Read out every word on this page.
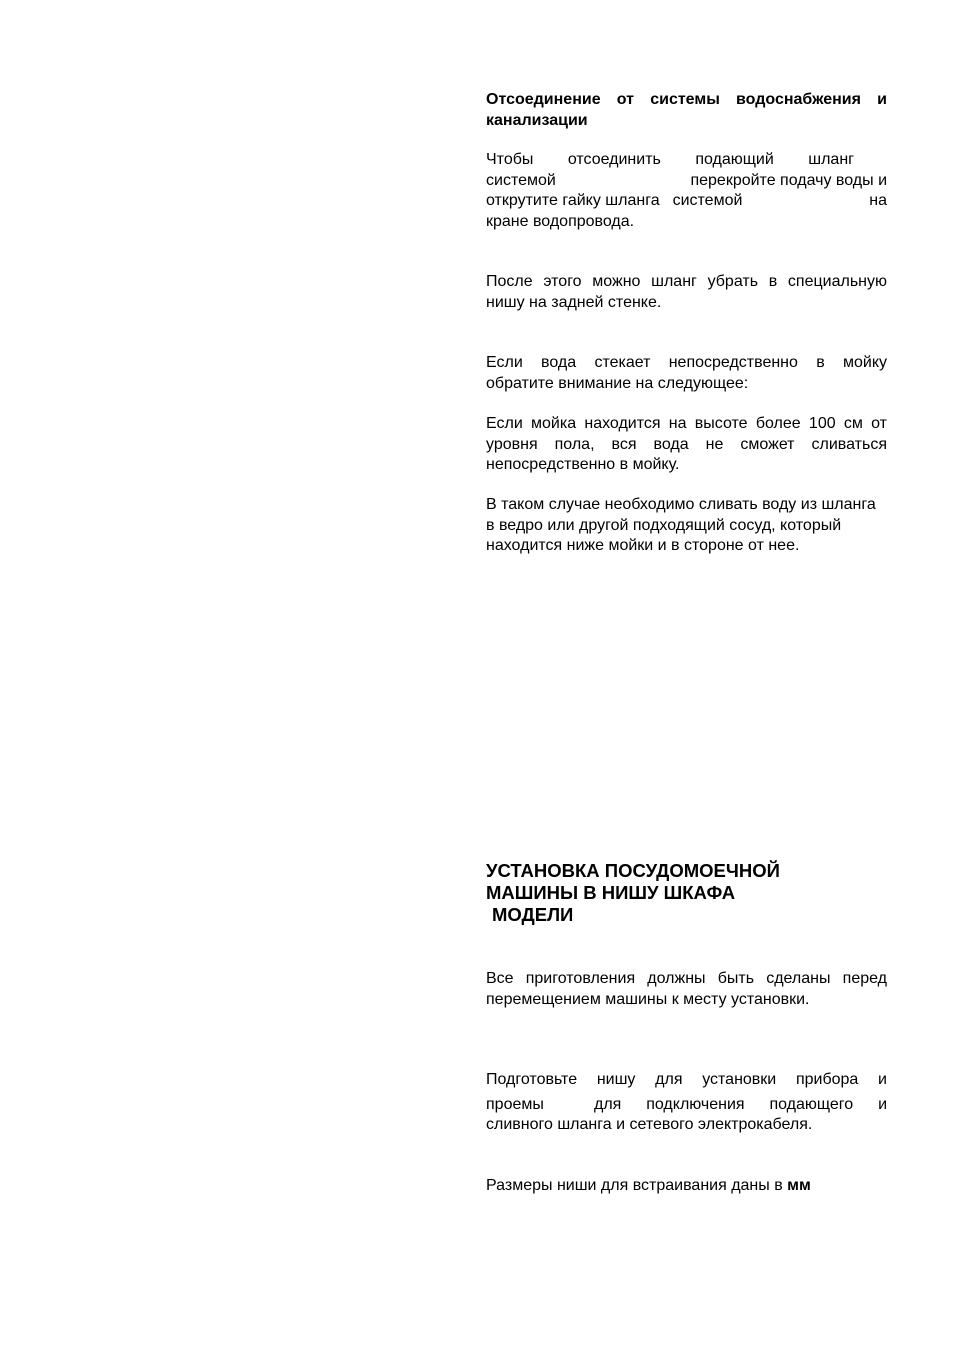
Отсоединение от системы водоснабжения и канализации
Чтобы отсоединить подающий шланг
системой	перекройте подачу воды и
открутите гайку шланга системой	на
кране водопровода.
После этого можно шланг убрать в специальную нишу на задней стенке.
Если вода стекает непосредственно в мойку обратите внимание на следующее:
Если мойка находится на высоте более 100 см от уровня пола, вся вода не сможет сливаться непосредственно в мойку.
В таком случае необходимо сливать воду из шланга в ведро или другой подходящий сосуд, который находится ниже мойки и в стороне от нее.
УСТАНОВКА ПОСУДОМОЕЧНОЙ
МАШИНЫ В НИШУ ШКАФА
МОДЕЛИ
Все приготовления должны быть сделаны перед перемещением машины к месту установки.
Подготовьте нишу для установки прибора и
проемы	для подключения подающего и
сливного шланга и сетевого электрокабеля.
Размеры ниши для встраивания даны в мм
